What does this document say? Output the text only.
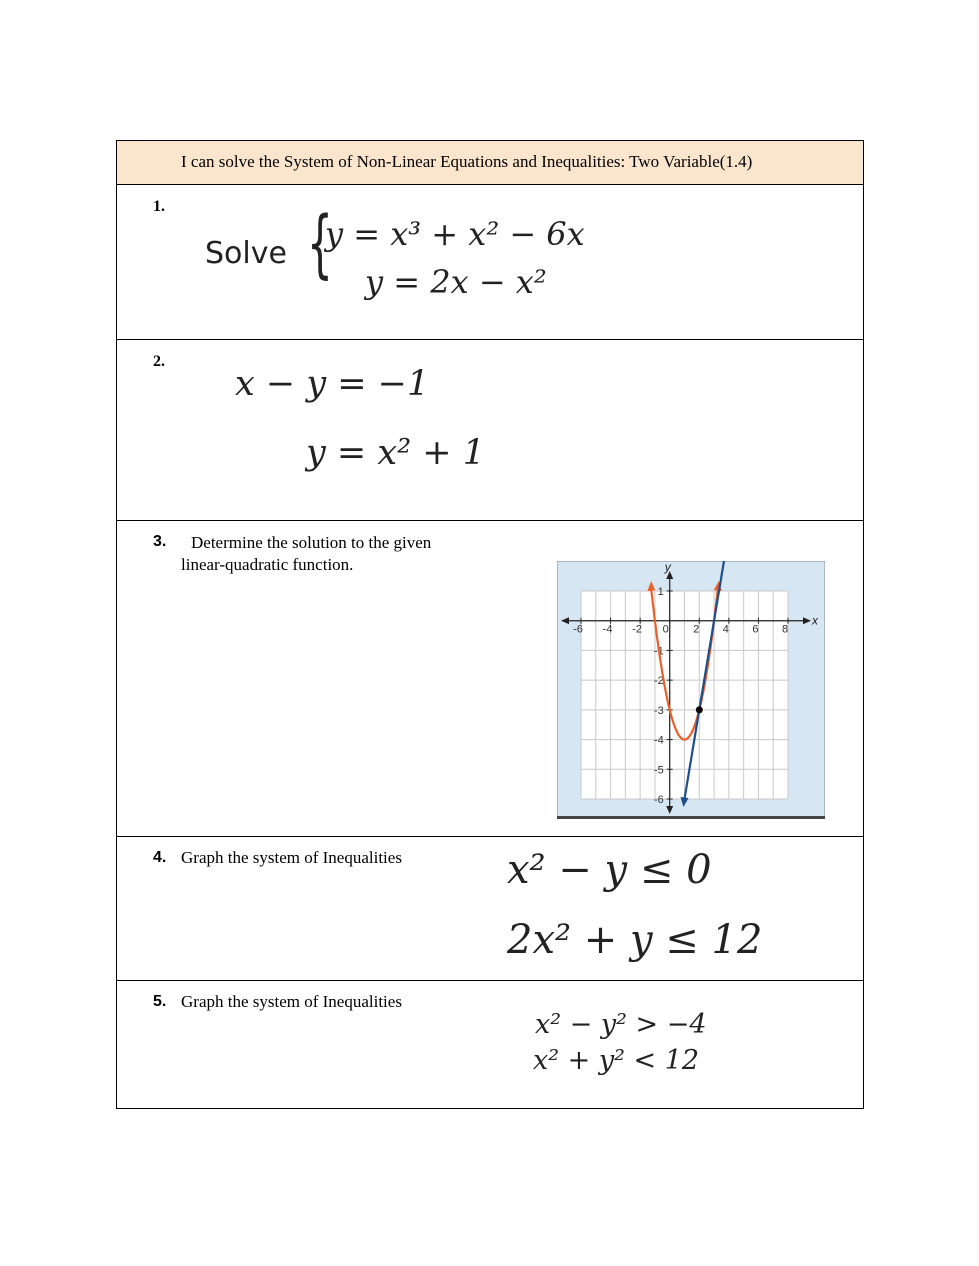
I can solve the System of Non-Linear Equations and Inequalities: Two Variable(1.4)
1.
Solve {
y = x³ + x² − 6x
y = 2x − x²
2.
x − y = −1
y = x² + 1
3. Determine the solution to the given
linear-quadratic function.
x
y
-6 -4 -2 0 2 4 6 8
1
-1
-2
-3
-4
-5
-6
4. Graph the system of Inequalities	x² − y ≤ 0
2x² + y ≤ 12
5. Graph the system of Inequalities
x² − y² > −4
x² + y² < 12
